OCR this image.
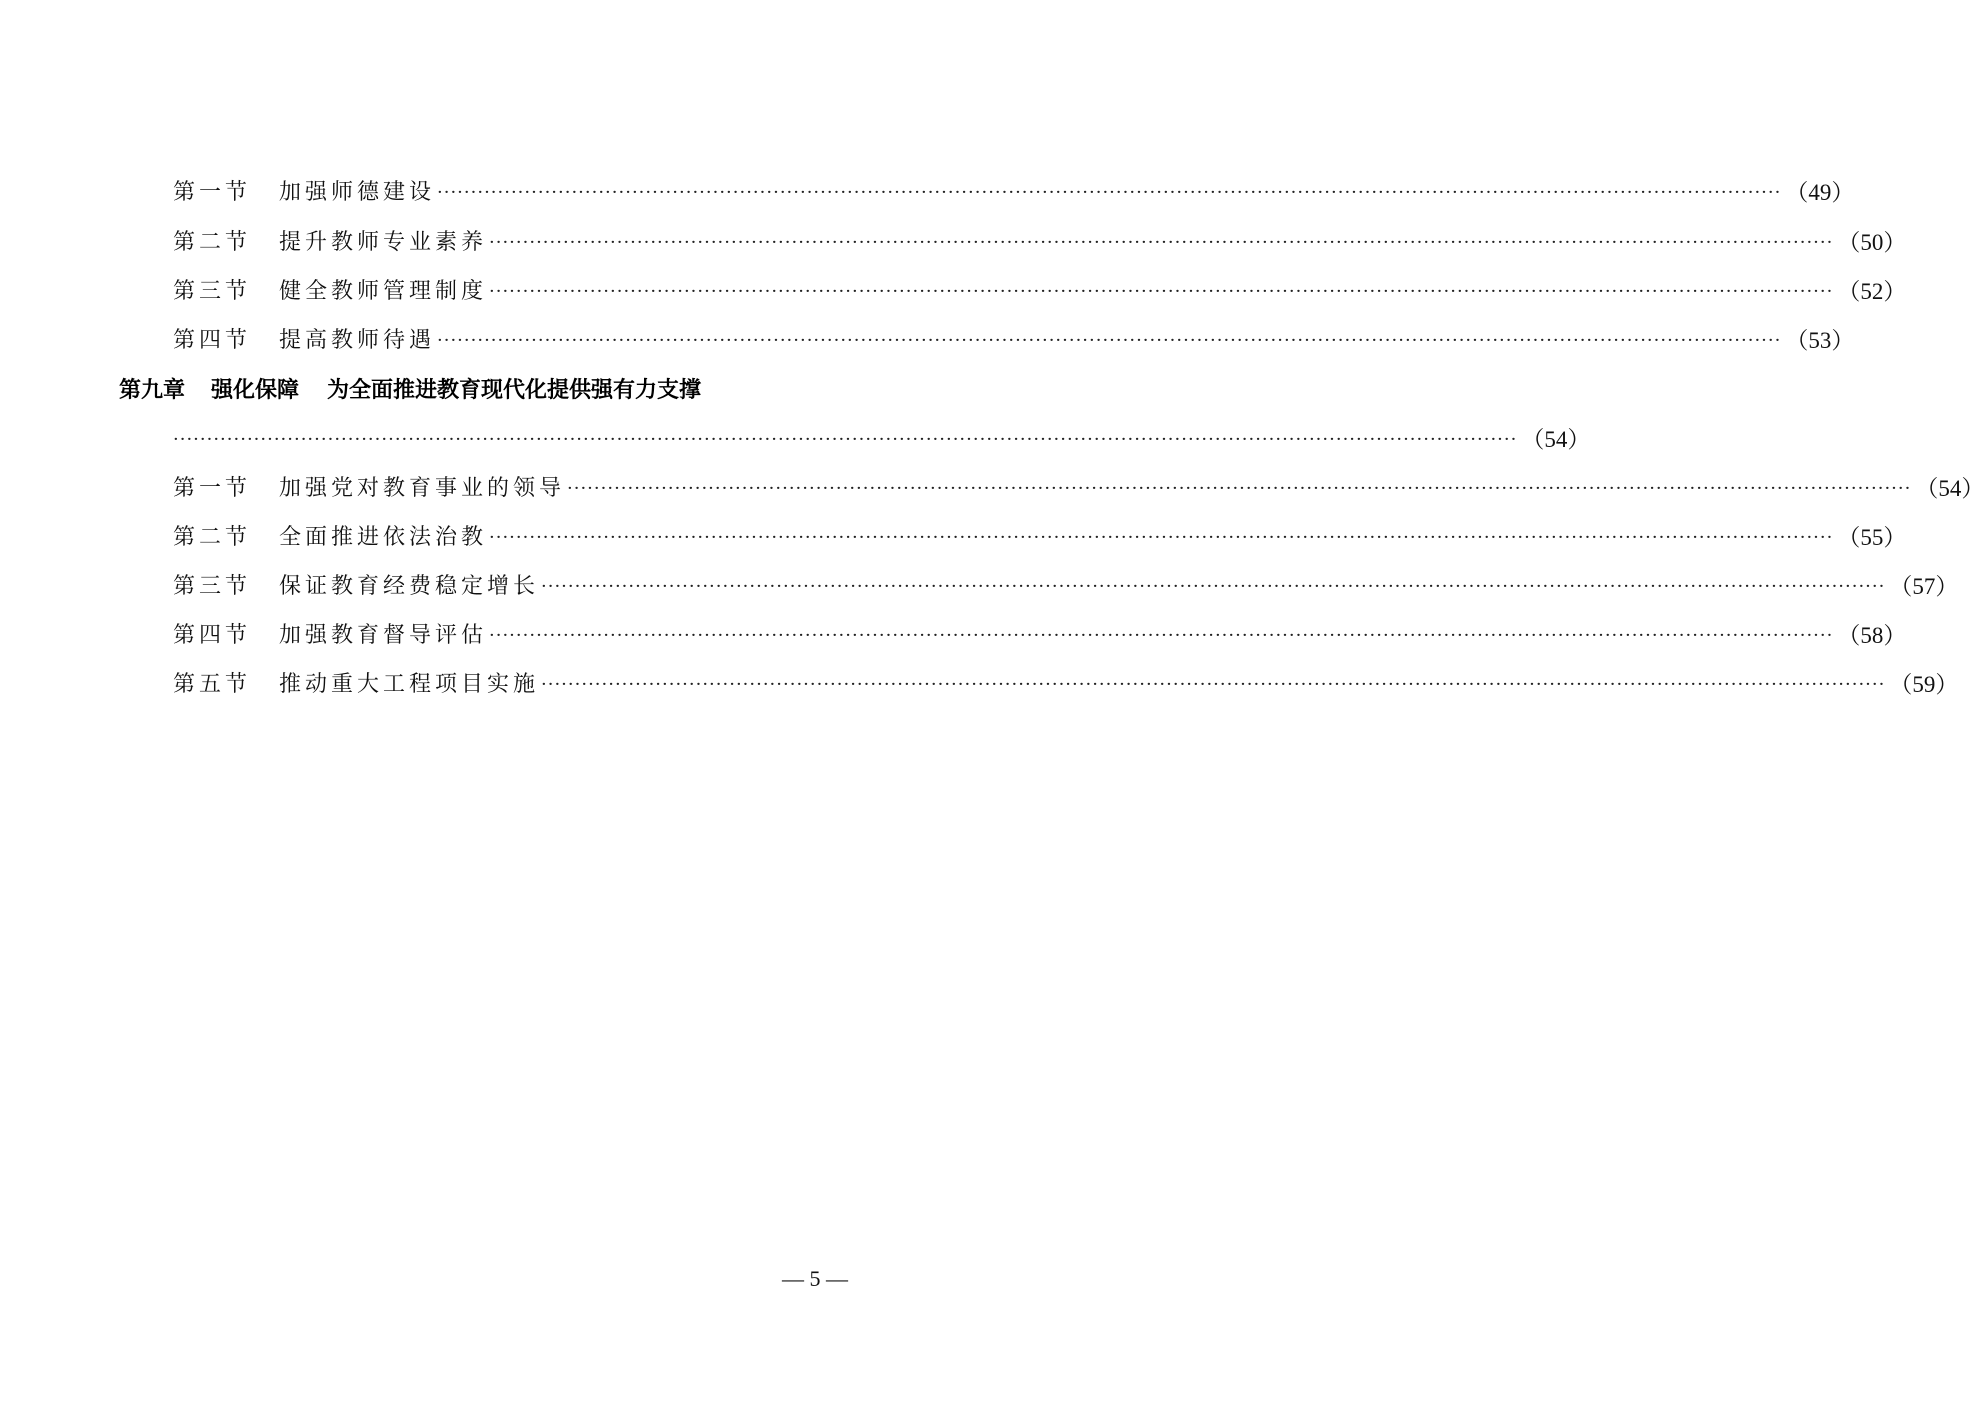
第一节	加强师德建设 ········································································································································································································ （49）
第二节	提升教师专业素养 ········································································································································································································ （50）
第三节	健全教师管理制度 ········································································································································································································ （52）
第四节	提高教师待遇 ········································································································································································································ （53）
第九章 强化保障 为全面推进教育现代化提供强有力支撑
········································································································································································································ （54）
第一节	加强党对教育事业的领导 ········································································································································································································ （54）
第二节	全面推进依法治教 ········································································································································································································ （55）
第三节	保证教育经费稳定增长 ········································································································································································································ （57）
第四节	加强教育督导评估 ········································································································································································································ （58）
第五节	推动重大工程项目实施 ········································································································································································································ （59）
— 5 —
